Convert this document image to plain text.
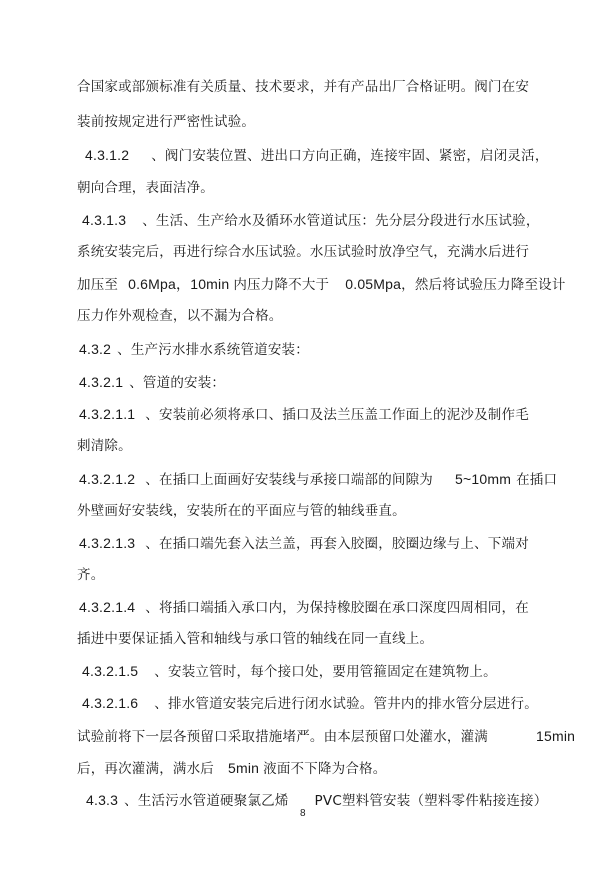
合国家或部颁标准有关质量、技术要求，并有产品出厂合格证明。阀门在安
装前按规定进行严密性试验。
4.3.1.2 、阀门安装位置、进出口方向正确，连接牢固、紧密，启闭灵活，
朝向合理，表面洁净。
4.3.1.3 、生活、生产给水及循环水管道试压：先分层分段进行水压试验，
系统安装完后，再进行综合水压试验。水压试验时放净空气，充满水后进行
加压至 0.6Mpa，10min 内压力降不大于 0.05Mpa，然后将试验压力降至设计
压力作外观检查，以不漏为合格。
4.3.2 、生产污水排水系统管道安装：
4.3.2.1 、管道的安装：
4.3.2.1.1 、安装前必须将承口、插口及法兰压盖工作面上的泥沙及制作毛
刺清除。
4.3.2.1.2 、在插口上面画好安装线与承接口端部的间隙为 5~10mm 在插口
外壁画好安装线，安装所在的平面应与管的轴线垂直。
4.3.2.1.3 、在插口端先套入法兰盖，再套入胶圈，胶圈边缘与上、下端对
齐。
4.3.2.1.4 、将插口端插入承口内，为保持橡胶圈在承口深度四周相同，在
插进中要保证插入管和轴线与承口管的轴线在同一直线上。
4.3.2.1.5 、安装立管时，每个接口处，要用管箍固定在建筑物上。
4.3.2.1.6 、排水管道安装完后进行闭水试验。管井内的排水管分层进行。
试验前将下一层各预留口采取措施堵严。由本层预留口处灌水，灌满	15min
后，再次灌满，满水后 5min 液面不下降为合格。
4.3.3 、生活污水管道硬聚氯乙烯 PVC塑料管安装（塑料零件粘接连接）
8
